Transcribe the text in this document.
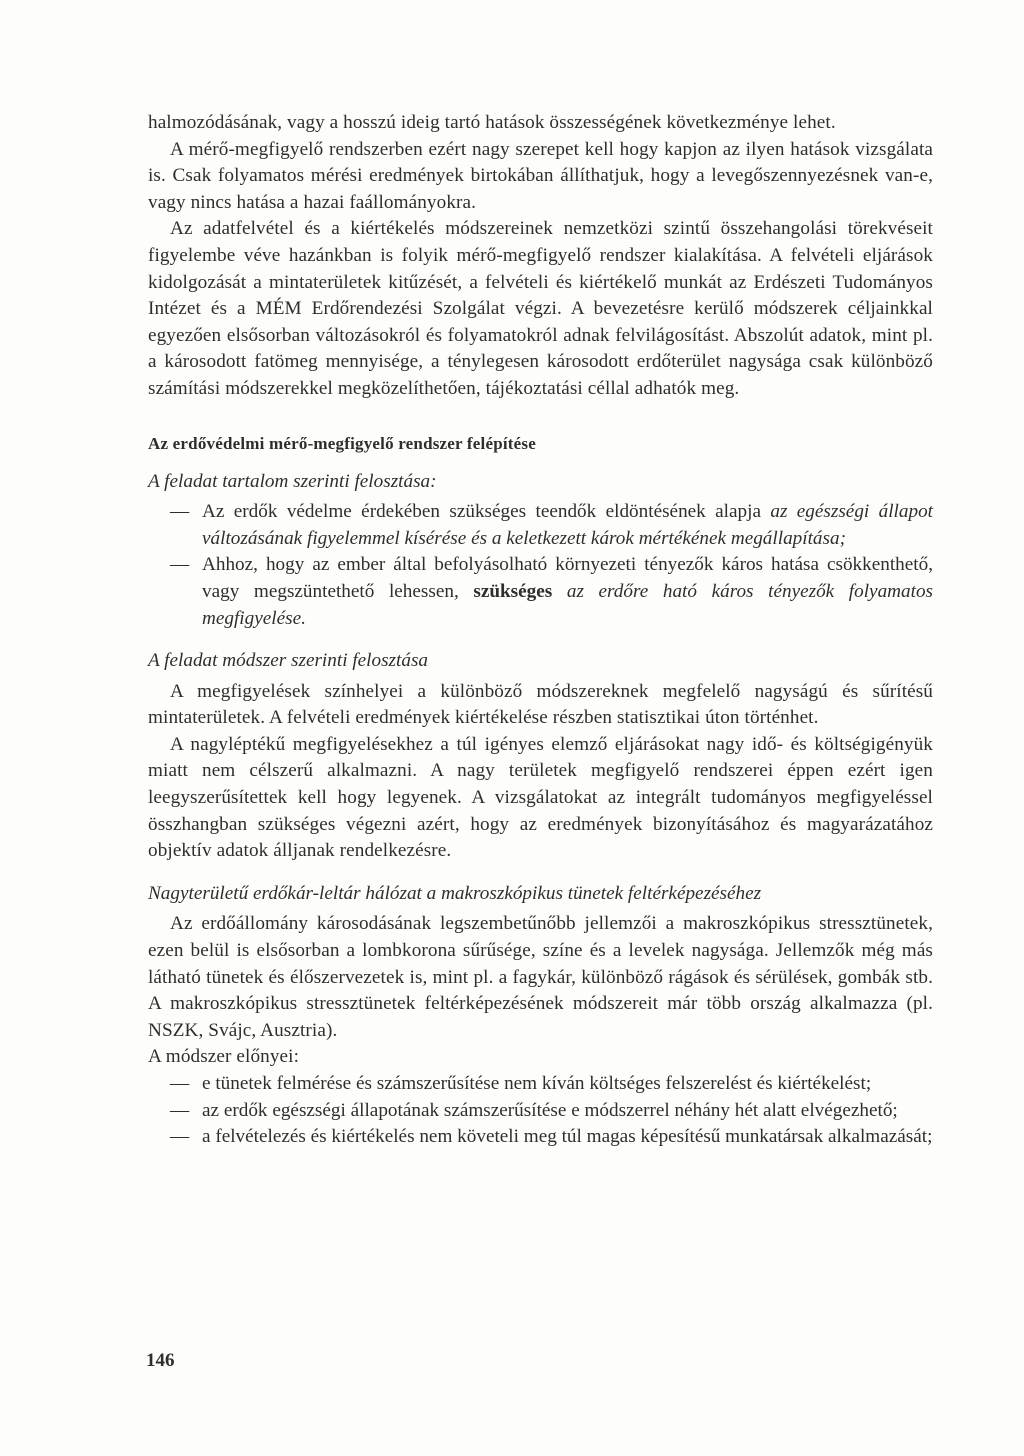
halmozódásának, vagy a hosszú ideig tartó hatások összességének következménye lehet.

A mérő-megfigyelő rendszerben ezért nagy szerepet kell hogy kapjon az ilyen hatások vizsgálata is. Csak folyamatos mérési eredmények birtokában állíthatjuk, hogy a levegőszennyezésnek van-e, vagy nincs hatása a hazai faállományokra.

Az adatfelvétel és a kiértékelés módszereinek nemzetközi szintű összehangolási törekvéseit figyelembe véve hazánkban is folyik mérő-megfigyelő rendszer kialakítása. A felvételi eljárások kidolgozását a mintaterületek kitűzését, a felvételi és kiértékelő munkát az Erdészeti Tudományos Intézet és a MÉM Erdőrendezési Szolgálat végzi. A bevezetésre kerülő módszerek céljainkkal egyezően elsősorban változásokról és folyamatokról adnak felvilágosítást. Abszolút adatok, mint pl. a károsodott fatömeg mennyisége, a ténylegesen károsodott erdőterület nagysága csak különböző számítási módszerekkel megközelíthetően, tájékoztatási céllal adhatók meg.

Az erdővédelmi mérő-megfigyelő rendszer felépítése
A feladat tartalom szerinti felosztása:

— Az erdők védelme érdekében szükséges teendők eldöntésének alapja az egészségi állapot változásának figyelemmel kísérése és a keletkezett károk mértékének megállapítása;

— Ahhoz, hogy az ember által befolyásolható környezeti tényezők káros hatása csökkenthető, vagy megszüntethető lehessen, szükséges az erdőre ható káros tényezők folyamatos megfigyelése.

A feladat módszer szerinti felosztása

A megfigyelések színhelyei a különböző módszereknek megfelelő nagyságú és sűrítésű mintaterületek. A felvételi eredmények kiértékelése részben statisztikai úton történhet.

A nagyléptékű megfigyelésekhez a túl igényes elemző eljárásokat nagy idő- és költségigényük miatt nem célszerű alkalmazni. A nagy területek megfigyelő rendszerei éppen ezért igen leegyszerűsítettek kell hogy legyenek. A vizsgálatokat az integrált tudományos megfigyeléssel összhangban szükséges végezni azért, hogy az eredmények bizonyításához és magyarázatához objektív adatok álljanak rendelkezésre.

Nagyterületű erdőkár-leltár hálózat a makroszkópikus tünetek feltérképezéséhez

Az erdőállomány károsodásának legszembetűnőbb jellemzői a makroszkópikus stressztünetek, ezen belül is elsősorban a lombkorona sűrűsége, színe és a levelek nagysága. Jellemzők még más látható tünetek és élőszervezetek is, mint pl. a fagykár, különböző rágások és sérülések, gombák stb. A makroszkópikus stressztünetek feltérképezésének módszereit már több ország alkalmazza (pl. NSZK, Svájc, Ausztria).

A módszer előnyei:

— e tünetek felmérése és számszerűsítése nem kíván költséges felszerelést és kiértékelést;

— az erdők egészségi állapotának számszerűsítése e módszerrel néhány hét alatt elvégezhető;

— a felvételezés és kiértékelés nem követeli meg túl magas képesítésű munkatársak alkalmazását;

146
